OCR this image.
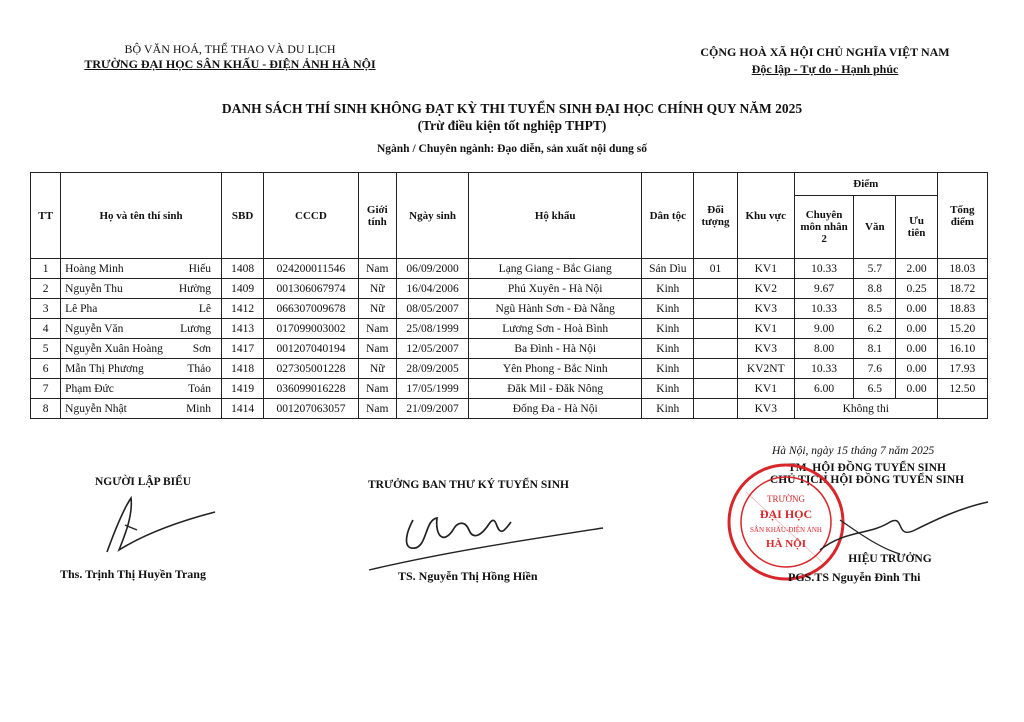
BỘ VĂN HOÁ, THỂ THAO VÀ DU LỊCH
TRƯỜNG ĐẠI HỌC SÂN KHẤU - ĐIỆN ẢNH HÀ NỘI
CỘNG HOÀ XÃ HỘI CHỦ NGHĨA VIỆT NAM
Độc lập - Tự do - Hạnh phúc
DANH SÁCH THÍ SINH KHÔNG ĐẠT KỲ THI TUYỂN SINH ĐẠI HỌC CHÍNH QUY NĂM 2025
(Trừ điều kiện tốt nghiệp THPT)
Ngành / Chuyên ngành: Đạo diễn, sản xuất nội dung số
TT	Họ và tên thí sinh	SBD	CCCD	Giới tính	Ngày sinh	Hộ khẩu	Dân tộc	Đối tượng	Khu vực	Điểm			Tổng điểm
										Chuyên môn nhân 2	Văn	Ưu tiên	
1	Hoàng Minh Hiếu	1408	024200011546	Nam	06/09/2000	Lạng Giang - Bắc Giang	Sán Dìu	01	KV1	10.33	5.7	2.00	18.03
2	Nguyễn Thu Hường	1409	001306067974	Nữ	16/04/2006	Phú Xuyên - Hà Nội	Kinh		KV2	9.67	8.8	0.25	18.72
3	Lê Pha Lê	1412	066307009678	Nữ	08/05/2007	Ngũ Hành Sơn - Đà Nẵng	Kinh		KV3	10.33	8.5	0.00	18.83
4	Nguyễn Văn Lương	1413	017099003002	Nam	25/08/1999	Lương Sơn - Hoà Bình	Kinh		KV1	9.00	6.2	0.00	15.20
5	Nguyễn Xuân Hoàng Sơn	1417	001207040194	Nam	12/05/2007	Ba Đình - Hà Nội	Kinh		KV3	8.00	8.1	0.00	16.10
6	Mẫn Thị Phương Thảo	1418	027305001228	Nữ	28/09/2005	Yên Phong - Bắc Ninh	Kinh		KV2NT	10.33	7.6	0.00	17.93
7	Phạm Đức Toản	1419	036099016228	Nam	17/05/1999	Đăk Mil - Đăk Nông	Kinh		KV1	6.00	6.5	0.00	12.50
8	Nguyễn Nhật Minh	1414	001207063057	Nam	21/09/2007	Đống Đa - Hà Nội	Kinh		KV3	Không thi			
Hà Nội, ngày 15 tháng 7 năm 2025
NGƯỜI LẬP BIỂU
Ths. Trịnh Thị Huyền Trang
TRƯỞNG BAN THƯ KÝ TUYỂN SINH
TS. Nguyễn Thị Hồng Hiền
TM. HỘI ĐỒNG TUYỂN SINH
CHỦ TỊCH HỘI ĐỒNG TUYỂN SINH
TRƯỜNG
ĐẠI HỌC
SÂN KHẤU-ĐIỆN ẢNH
HÀ NỘI
HIỆU TRƯỞNG
PGS.TS Nguyễn Đình Thi
